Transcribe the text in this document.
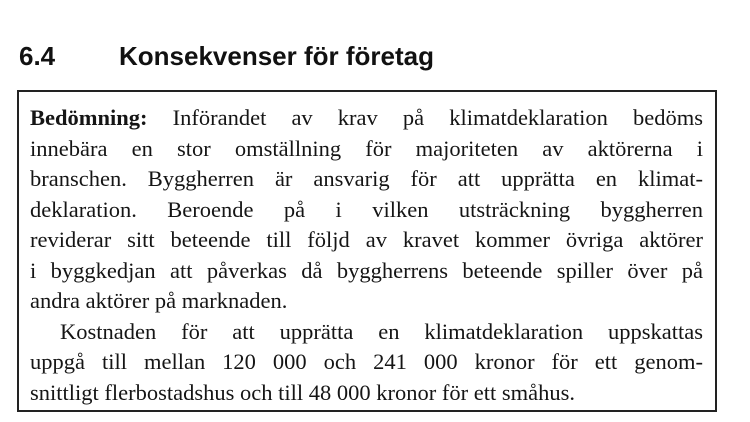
6.4	Konsekvenser för företag
Bedömning: Införandet av krav på klimatdeklaration bedöms
innebära en stor omställning för majoriteten av aktörerna i
branschen. Byggherren är ansvarig för att upprätta en klimat-
deklaration. Beroende på i vilken utsträckning byggherren
reviderar sitt beteende till följd av kravet kommer övriga aktörer
i byggkedjan att påverkas då byggherrens beteende spiller över på
andra aktörer på marknaden.
Kostnaden för att upprätta en klimatdeklaration uppskattas
uppgå till mellan 120 000 och 241 000 kronor för ett genom-
snittligt flerbostadshus och till 48 000 kronor för ett småhus.
